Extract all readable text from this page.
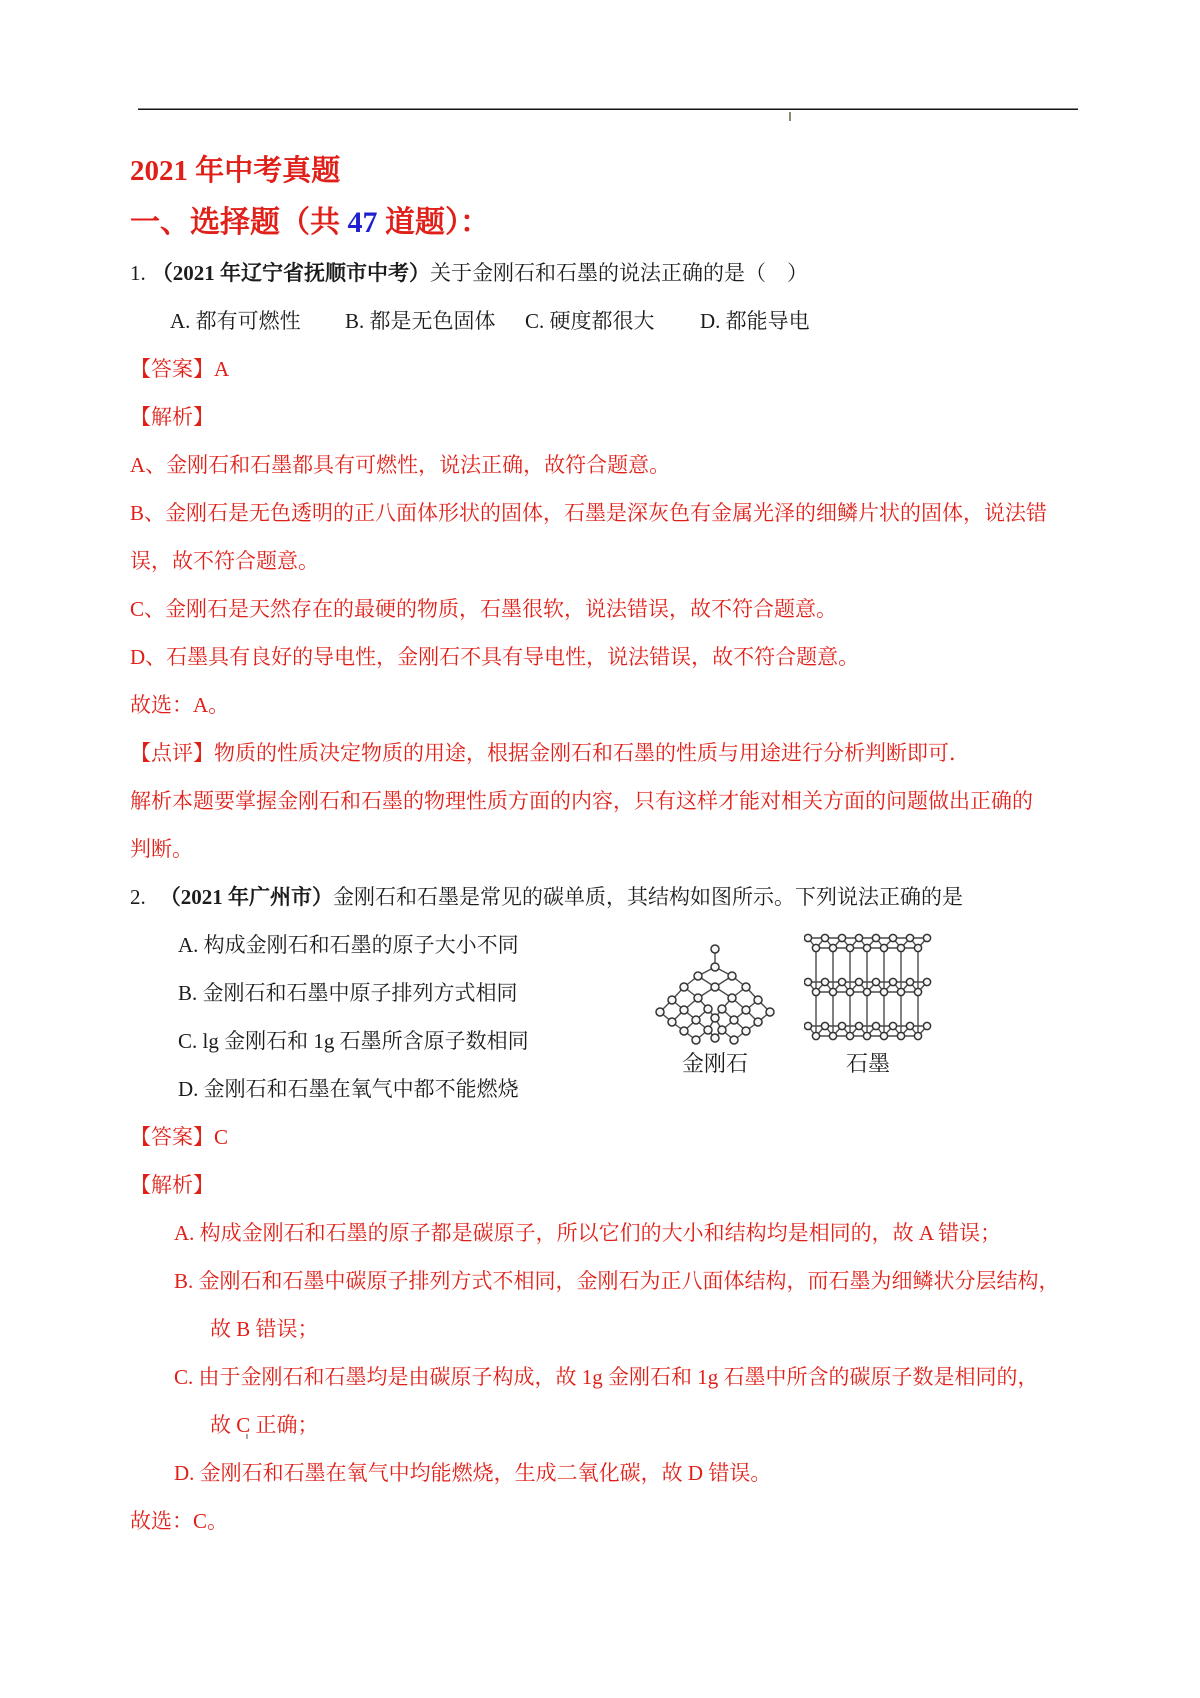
2021 年中考真题
一、选择题（共 47 道题）：
1. （2021 年辽宁省抚顺市中考）关于金刚石和石墨的说法正确的是（　）
A. 都有可燃性 B. 都是无色固体 C. 硬度都很大 D. 都能导电
【答案】A
【解析】
A、金刚石和石墨都具有可燃性，说法正确，故符合题意。
B、金刚石是无色透明的正八面体形状的固体，石墨是深灰色有金属光泽的细鳞片状的固体，说法错
误，故不符合题意。
C、金刚石是天然存在的最硬的物质，石墨很软，说法错误，故不符合题意。
D、石墨具有良好的导电性，金刚石不具有导电性，说法错误，故不符合题意。
故选：A。
【点评】物质的性质决定物质的用途，根据金刚石和石墨的性质与用途进行分析判断即可．
解析本题要掌握金刚石和石墨的物理性质方面的内容，只有这样才能对相关方面的问题做出正确的
判断。
2. （2021 年广州市）金刚石和石墨是常见的碳单质，其结构如图所示。下列说法正确的是
A. 构成金刚石和石墨的原子大小不同
B. 金刚石和石墨中原子排列方式相同
C. lg 金刚石和 1g 石墨所含原子数相同
D. 金刚石和石墨在氧气中都不能燃烧
【答案】C
【解析】
A. 构成金刚石和石墨的原子都是碳原子，所以它们的大小和结构均是相同的，故 A 错误；
B. 金刚石和石墨中碳原子排列方式不相同，金刚石为正八面体结构，而石墨为细鳞状分层结构，
故 B 错误；
C. 由于金刚石和石墨均是由碳原子构成，故 1g 金刚石和 1g 石墨中所含的碳原子数是相同的，
故 C 正确；
D. 金刚石和石墨在氧气中均能燃烧，生成二氧化碳，故 D 错误。
故选：C。
金刚石	石墨
